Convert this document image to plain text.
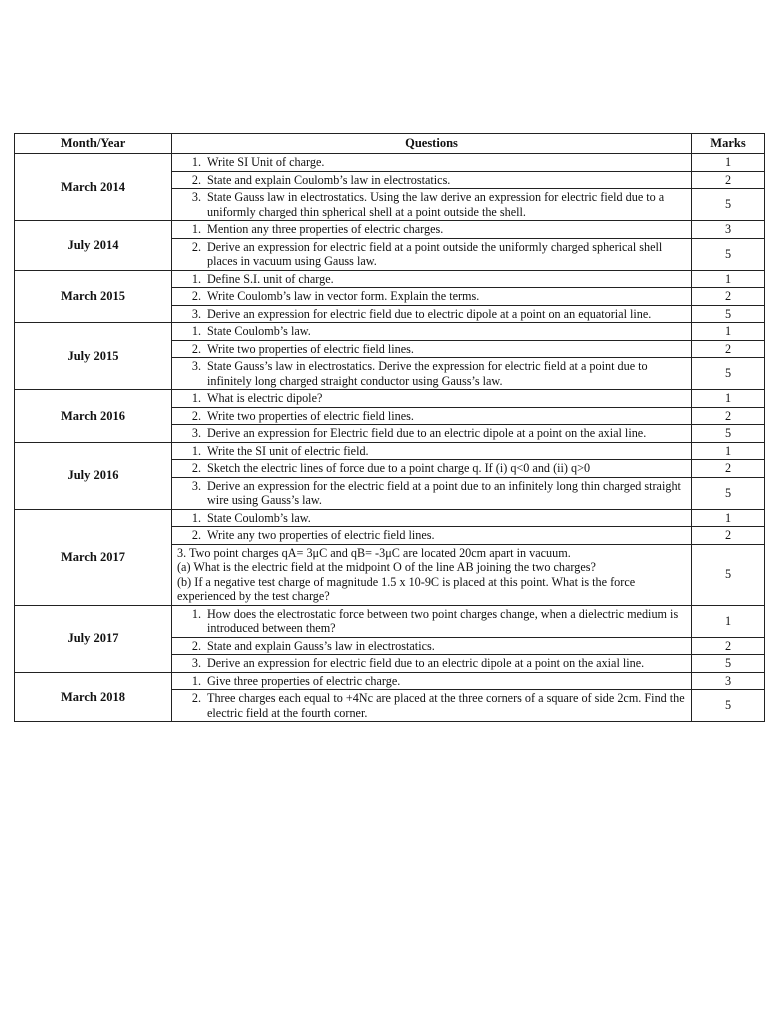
Month/Year	Questions	Marks
March 2014	1. Write SI Unit of charge.	1
	2. State and explain Coulomb’s law in electrostatics.	2
	3. State Gauss law in electrostatics. Using the law derive an expression for electric field due to a uniformly charged thin spherical shell at a point outside the shell.	5
July 2014	1. Mention any three properties of electric charges.	3
	2. Derive an expression for electric field at a point outside the uniformly charged spherical shell places in vacuum using Gauss law.	5
March 2015	1. Define S.I. unit of charge.	1
	2. Write Coulomb’s law in vector form. Explain the terms.	2
	3. Derive an expression for electric field due to electric dipole at a point on an equatorial line.	5
July 2015	1. State Coulomb’s law.	1
	2. Write two properties of electric field lines.	2
	3. State Gauss’s law in electrostatics. Derive the expression for electric field at a point due to infinitely long charged straight conductor using Gauss’s law.	5
March 2016	1. What is electric dipole?	1
	2. Write two properties of electric field lines.	2
	3. Derive an expression for Electric field due to an electric dipole at a point on the axial line.	5
July 2016	1. Write the SI unit of electric field.	1
	2. Sketch the electric lines of force due to a point charge q. If (i) q<0 and (ii) q>0	2
	3. Derive an expression for the electric field at a point due to an infinitely long thin charged straight wire using Gauss’s law.	5
March 2017	1. State Coulomb’s law.	1
	2. Write any two properties of electric field lines.	2

	3. Two point charges qA= 3μC and qB= -3μC are located 20cm apart in vacuum.
(a) What is the electric field at the midpoint O of the line AB joining the two charges?
(b) If a negative test charge of magnitude 1.5 x 10-9C is placed at this point. What is the force experienced by the test charge?	5
July 2017	1. How does the electrostatic force between two point charges change, when a dielectric medium is introduced between them?	1
	2. State and explain Gauss’s law in electrostatics.	2
	3. Derive an expression for electric field due to an electric dipole at a point on the axial line.	5
March 2018	1. Give three properties of electric charge.	3
	2. Three charges each equal to +4Nc are placed at the three corners of a square of side 2cm. Find the electric field at the fourth corner.	5
